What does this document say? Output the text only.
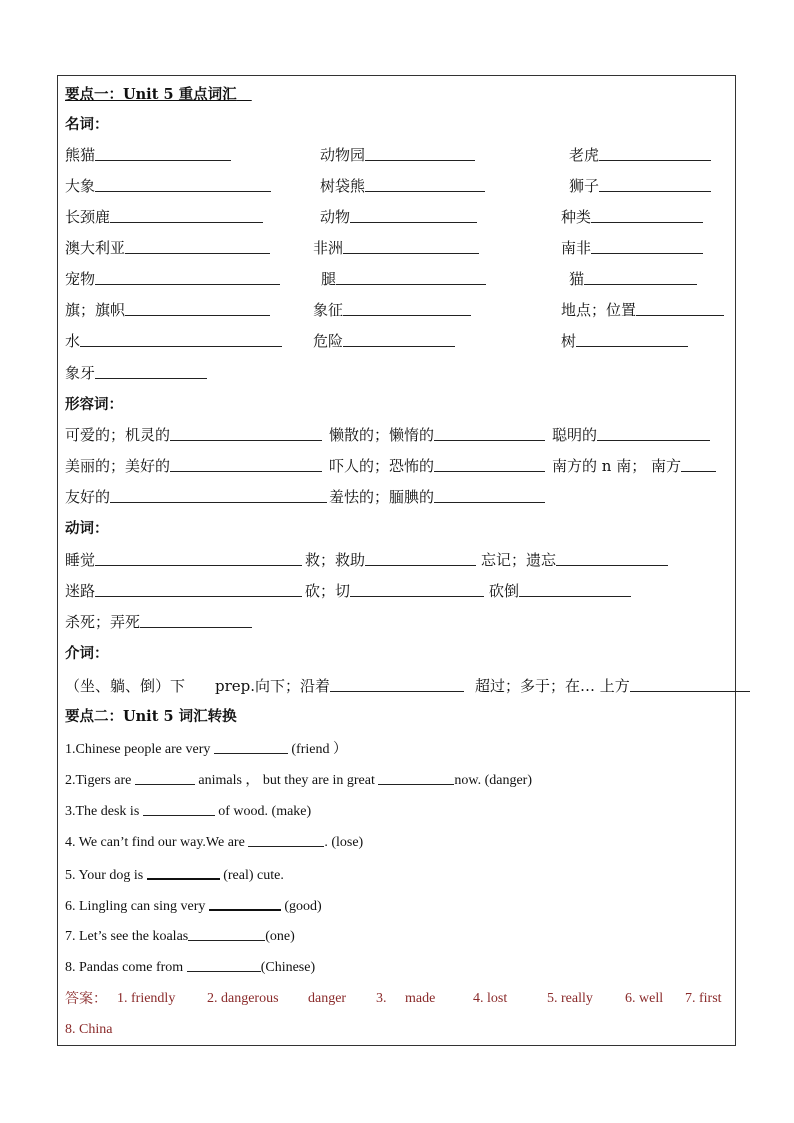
要点一：Unit 5 重点词汇
名词：
熊猫	动物园	老虎
大象	树袋熊	狮子
长颈鹿	动物	种类
澳大利亚	非洲	南非
宠物	腿	猫
旗；旗帜	象征	地点；位置
水	危险	树
象牙
形容词：
可爱的；机灵的	懒散的；懒惰的	聪明的
美丽的；美好的	吓人的；恐怖的	南方的 n 南； 南方
友好的	羞怯的；腼腆的
动词：
睡觉	救；救助	忘记；遗忘
迷路	砍；切	砍倒
杀死；弄死
介词：
（坐、躺、倒）下 prep.向下；沿着	超过；多于；在… 上方
要点二：Unit 5 词汇转换
1.Chinese people are very	(friend ）
2.Tigers are	animals ， but they are in great	now. (danger)
3.The desk is	of wood. (make)
4. We can’t find our way.We are	. (lose)
5. Your dog is	(real) cute.
6. Lingling can sing very	(good)
7. Let’s see the koalas	(one)
8. Pandas come from	(Chinese)
答案： 1. friendly 2. dangerous danger 3. made	4. lost	5. really 6. well 7. first
8. China
